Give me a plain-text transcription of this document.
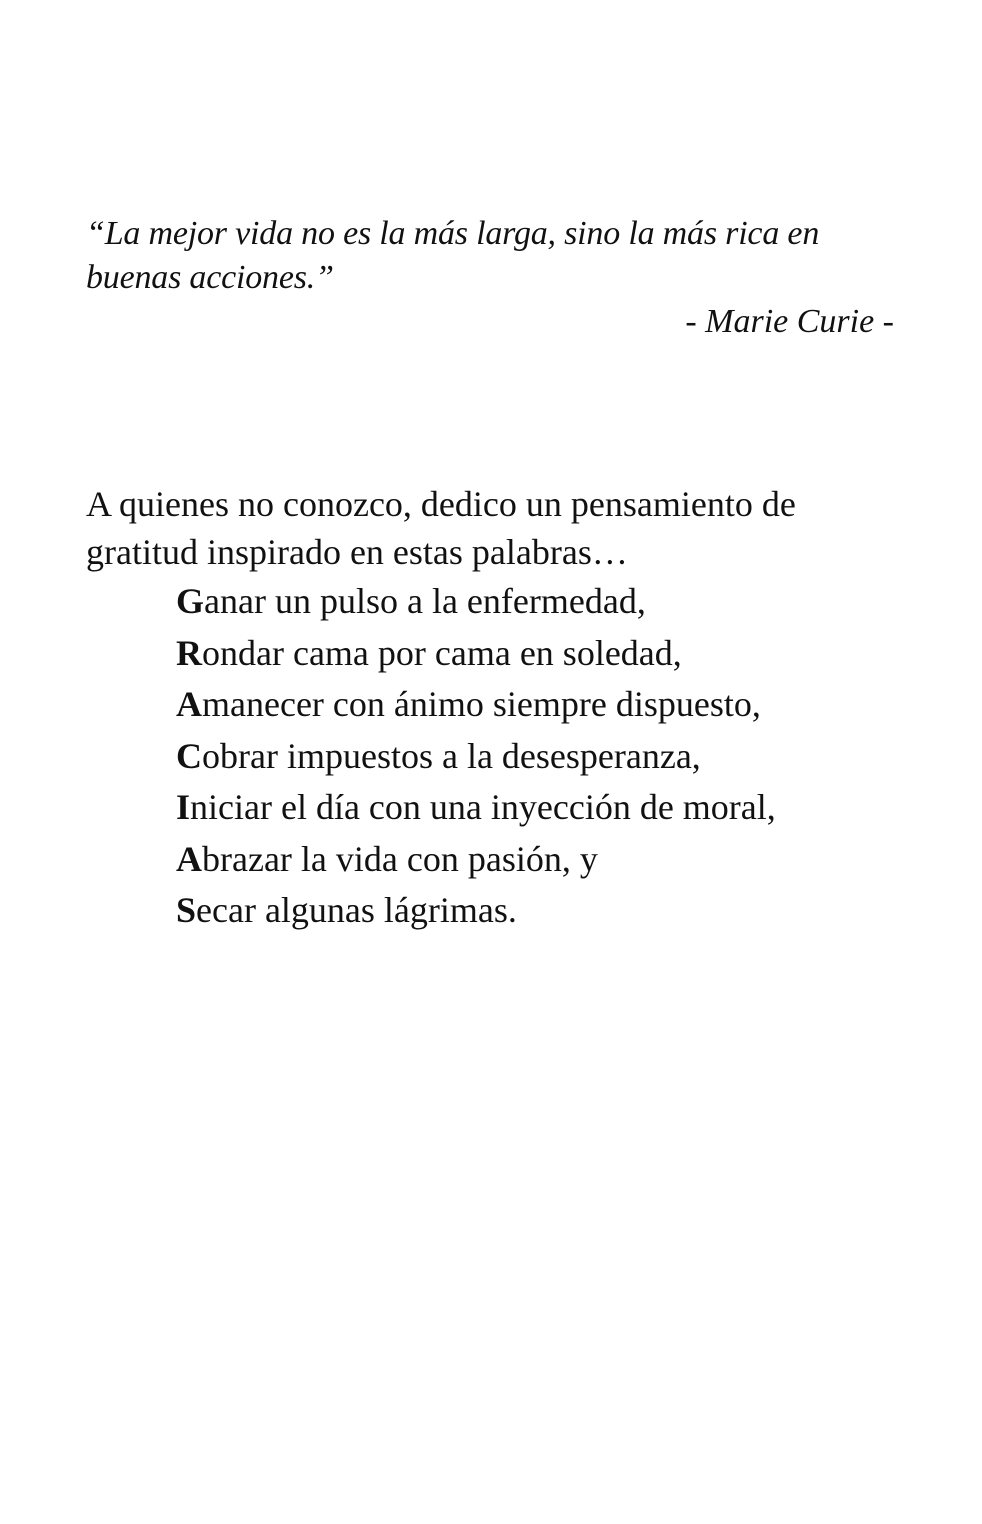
“La mejor vida no es la más larga, sino la más rica en buenas acciones.”

- Marie Curie -

A quienes no conozco, dedico un pensamiento de gratitud inspirado en estas palabras…

Ganar un pulso a la enfermedad,
Rondar cama por cama en soledad,
Amanecer con ánimo siempre dispuesto,
Cobrar impuestos a la desesperanza,
Iniciar el día con una inyección de moral,
Abrazar la vida con pasión, y
Secar algunas lágrimas.
